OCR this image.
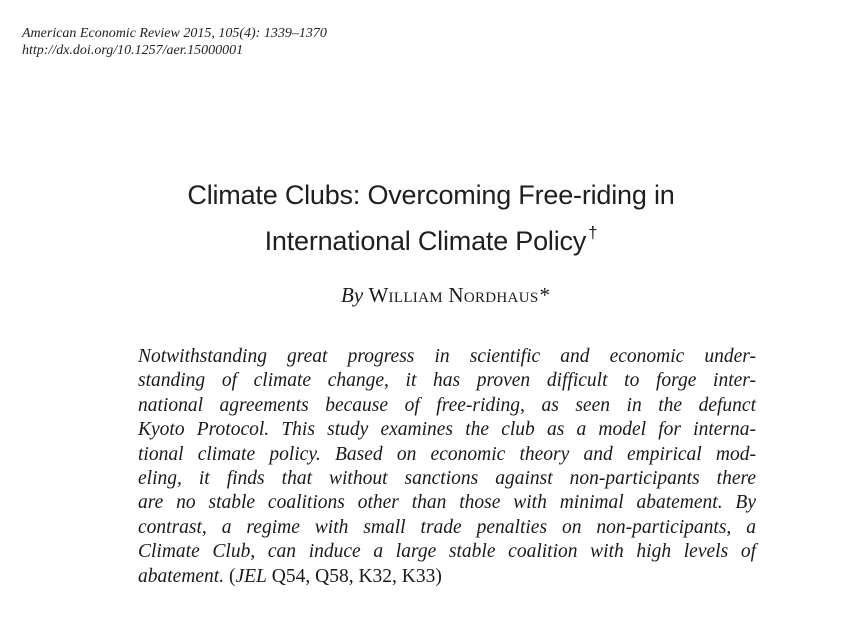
American Economic Review 2015, 105(4): 1339–1370
http://dx.doi.org/10.1257/aer.15000001
Climate Clubs: Overcoming Free-riding in
International Climate Policy †
By William Nordhaus*
Notwithstanding great progress in scientific and economic under-
standing of climate change, it has proven difficult to forge inter-
national agreements because of free-riding, as seen in the defunct
Kyoto Protocol. This study examines the club as a model for interna-
tional climate policy. Based on economic theory and empirical mod-
eling, it finds that without sanctions against non-participants there
are no stable coalitions other than those with minimal abatement. By
contrast, a regime with small trade penalties on non-participants, a
Climate Club, can induce a large stable coalition with high levels of
abatement. (JEL Q54, Q58, K32, K33)
